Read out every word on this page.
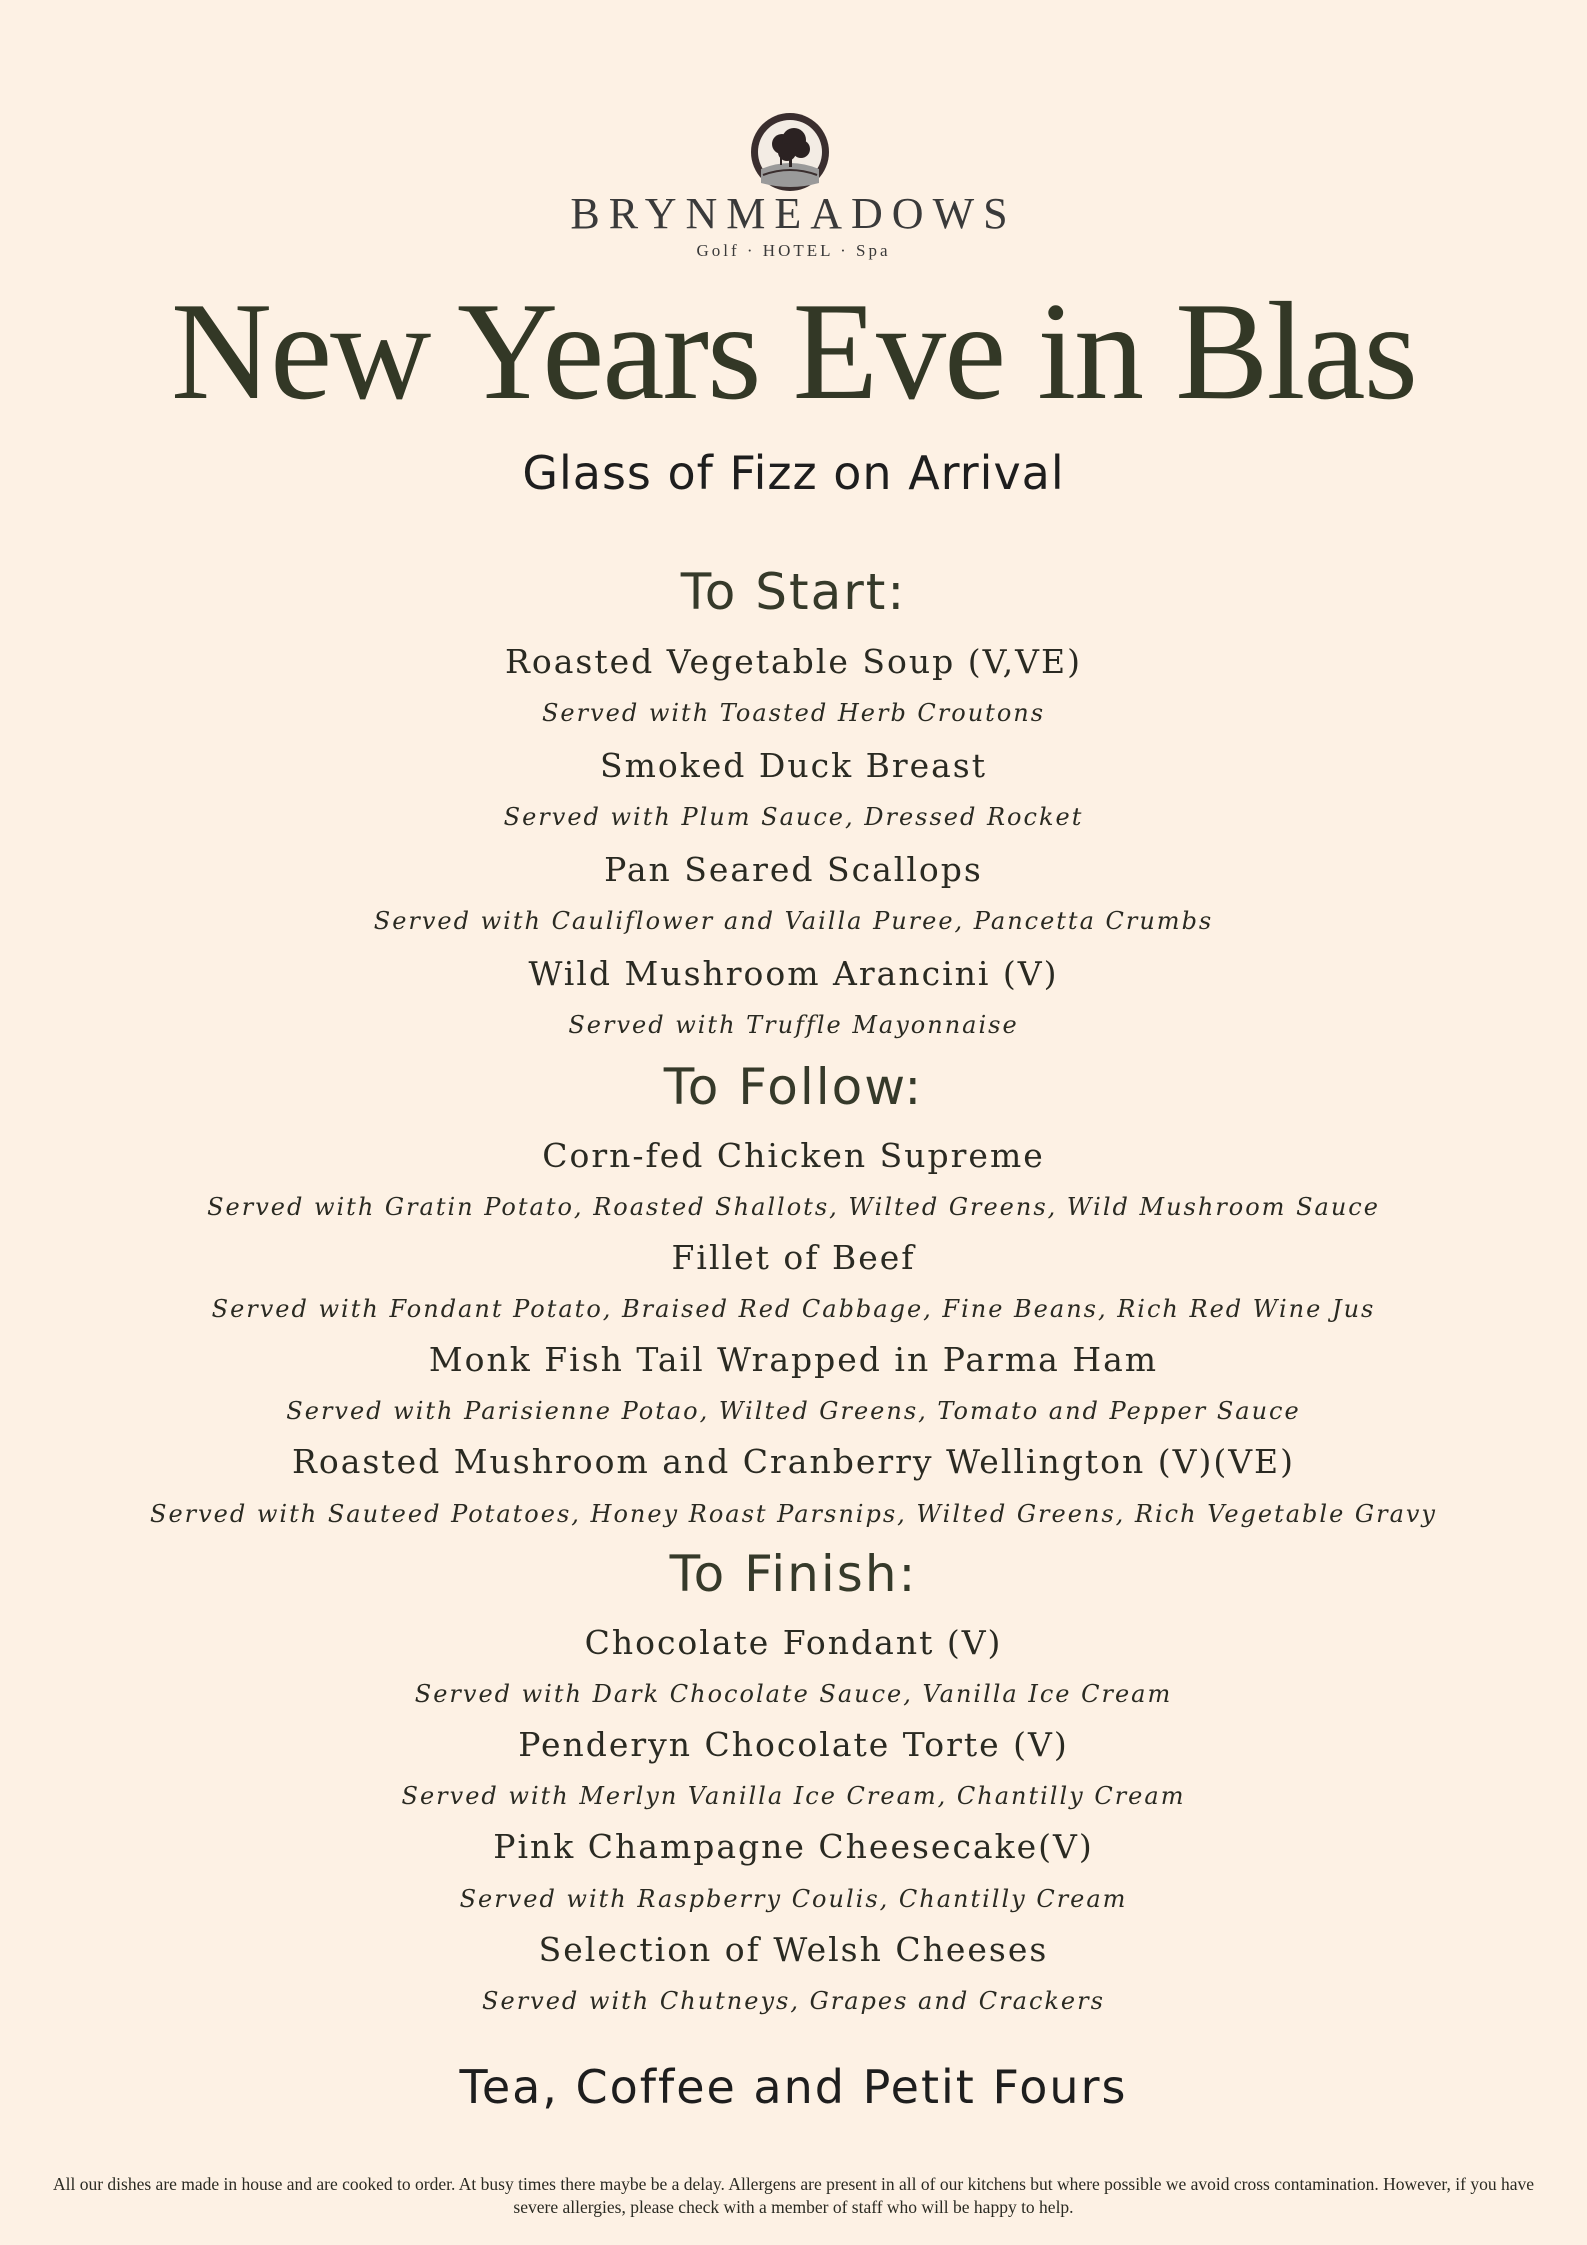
BRYNMEADOWS
Golf · HOTEL · Spa
New Years Eve in Blas
Glass of Fizz on Arrival
To Start:
Roasted Vegetable Soup (V,VE)
Served with Toasted Herb Croutons
Smoked Duck Breast
Served with Plum Sauce, Dressed Rocket
Pan Seared Scallops
Served with Cauliflower and Vailla Puree, Pancetta Crumbs
Wild Mushroom Arancini (V)
Served with Truffle Mayonnaise
To Follow:
Corn-fed Chicken Supreme
Served with Gratin Potato, Roasted Shallots, Wilted Greens, Wild Mushroom Sauce
Fillet of Beef
Served with Fondant Potato, Braised Red Cabbage, Fine Beans, Rich Red Wine Jus
Monk Fish Tail Wrapped in Parma Ham
Served with Parisienne Potao, Wilted Greens, Tomato and Pepper Sauce
Roasted Mushroom and Cranberry Wellington (V)(VE)
Served with Sauteed Potatoes, Honey Roast Parsnips, Wilted Greens, Rich Vegetable Gravy
To Finish:
Chocolate Fondant (V)
Served with Dark Chocolate Sauce, Vanilla Ice Cream
Penderyn Chocolate Torte (V)
Served with Merlyn Vanilla Ice Cream, Chantilly Cream
Pink Champagne Cheesecake(V)
Served with Raspberry Coulis, Chantilly Cream
Selection of Welsh Cheeses
Served with Chutneys, Grapes and Crackers
Tea, Coffee and Petit Fours
All our dishes are made in house and are cooked to order. At busy times there maybe be a delay. Allergens are present in all of our kitchens but where possible we avoid cross contamination. However, if you have severe allergies, please check with a member of staff who will be happy to help.
